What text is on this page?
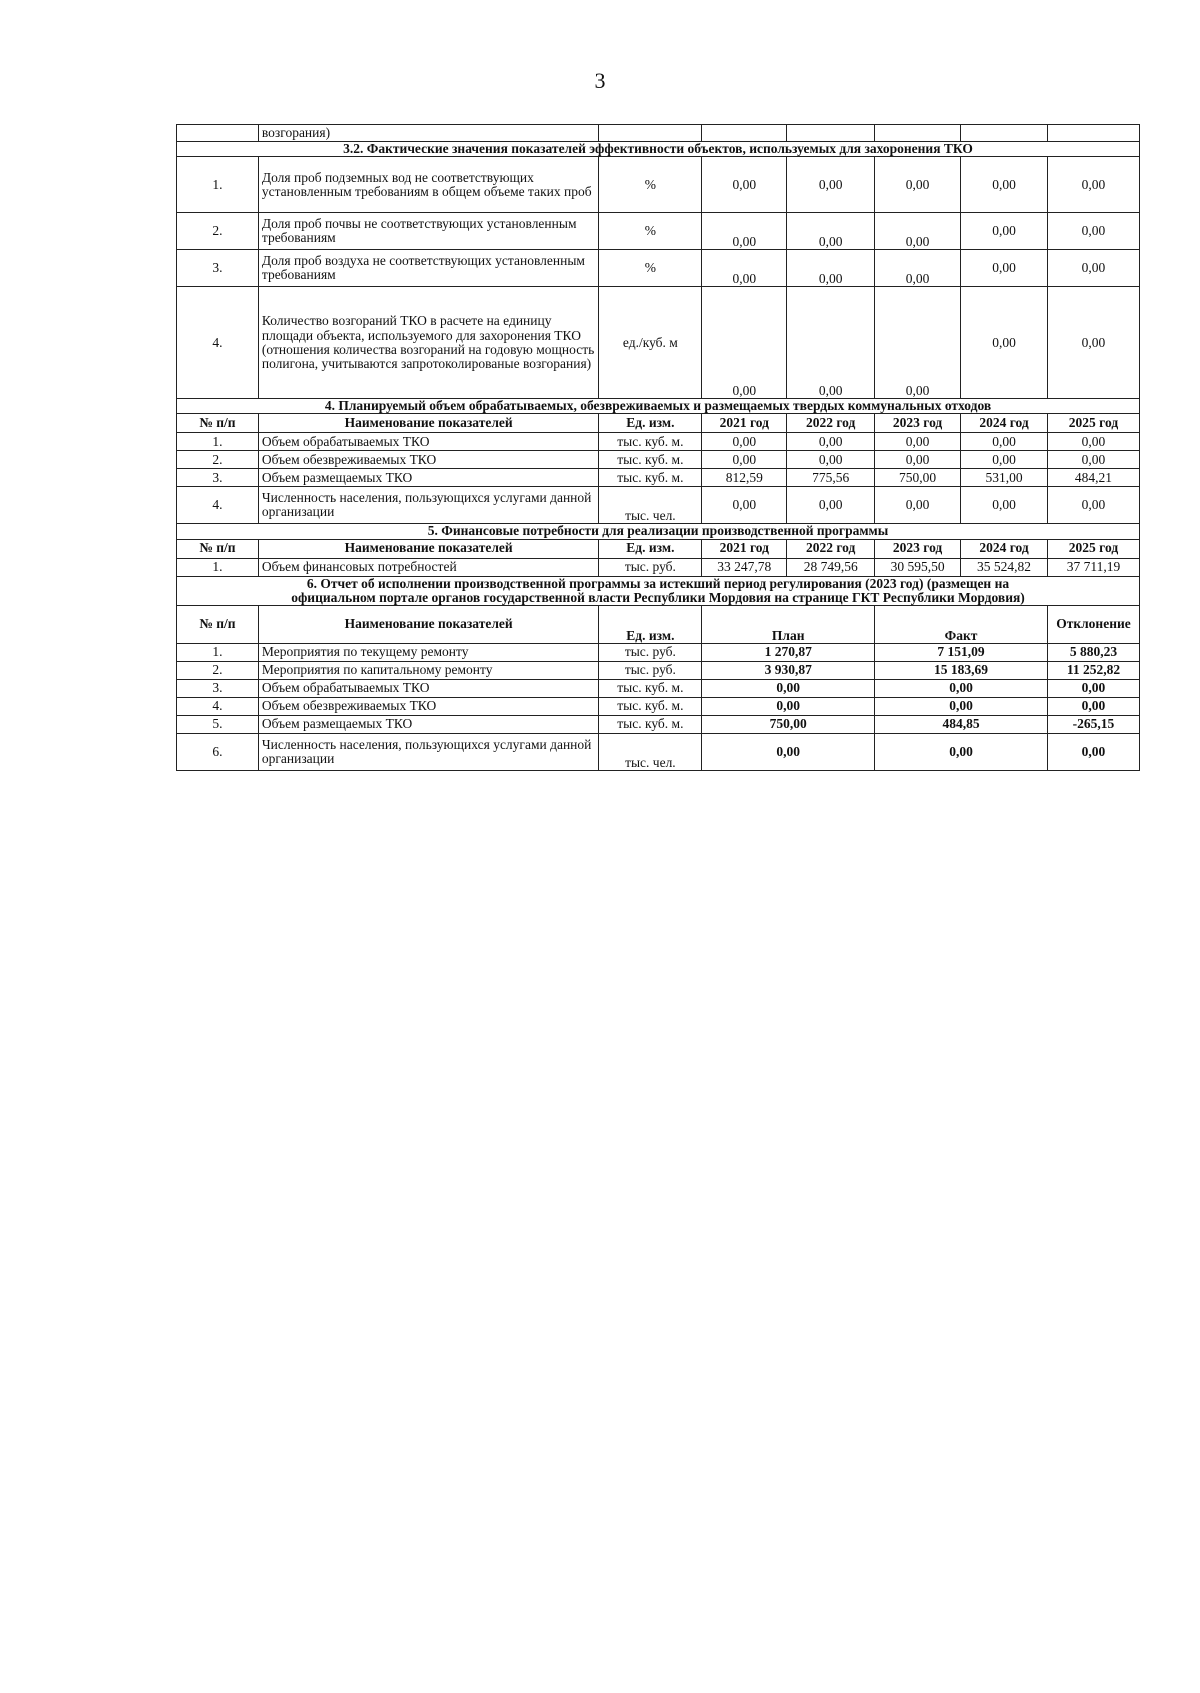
3
	возгорания)						
3.2. Фактические значения показателей эффективности объектов, используемых для захоронения ТКО							
1.	Доля проб подземных вод не соответствующих установленным требованиям в общем объеме таких проб	%	0,00	0,00	0,00	0,00	0,00
2.	Доля проб почвы не соответствующих установленным требованиям	%	0,00	0,00	0,00	0,00	0,00
3.	Доля проб воздуха не соответствующих установленным требованиям	%	0,00	0,00	0,00	0,00	0,00
4.	Количество возгораний ТКО в расчете на единицу площади объекта, используемого для захоронения ТКО (отношения количества возгораний на годовую мощность полигона, учитываются запротоколированые возгорания)	ед./куб. м	0,00	0,00	0,00	0,00	0,00
4. Планируемый объем обрабатываемых, обезвреживаемых и размещаемых твердых коммунальных отходов							
№ п/п	Наименование показателей	Ед. изм.	2021 год	2022 год	2023 год	2024 год	2025 год
1.	Объем обрабатываемых ТКО	тыс. куб. м.	0,00	0,00	0,00	0,00	0,00
2.	Объем обезвреживаемых ТКО	тыс. куб. м.	0,00	0,00	0,00	0,00	0,00
3.	Объем размещаемых ТКО	тыс. куб. м.	812,59	775,56	750,00	531,00	484,21
4.	Численность населения, пользующихся услугами данной организации	тыс. чел.	0,00	0,00	0,00	0,00	0,00
5. Финансовые потребности для реализации производственной программы							
№ п/п	Наименование показателей	Ед. изм.	2021 год	2022 год	2023 год	2024 год	2025 год
1.	Объем финансовых потребностей	тыс. руб.	33 247,78	28 749,56	30 595,50	35 524,82	37 711,19

6. Отчет об исполнении производственной программы за истекший период регулирования (2023 год) (размещен на
официальном портале органов государственной власти Республики Мордовия на странице ГКТ Республики Мордовия)							

№ п/п	Наименование показателей	Ед. изм.	План		Факт		Отклонение
1.	Мероприятия по текущему ремонту	тыс. руб.	1 270,87		7 151,09		5 880,23
2.	Мероприятия по капитальному ремонту	тыс. руб.	3 930,87		15 183,69		11 252,82
3.	Объем обрабатываемых ТКО	тыс. куб. м.	0,00		0,00		0,00
4.	Объем обезвреживаемых ТКО	тыс. куб. м.	0,00		0,00		0,00
5.	Объем размещаемых ТКО	тыс. куб. м.	750,00		484,85		-265,15
6.	Численность населения, пользующихся услугами данной организации	тыс. чел.	0,00		0,00		0,00
